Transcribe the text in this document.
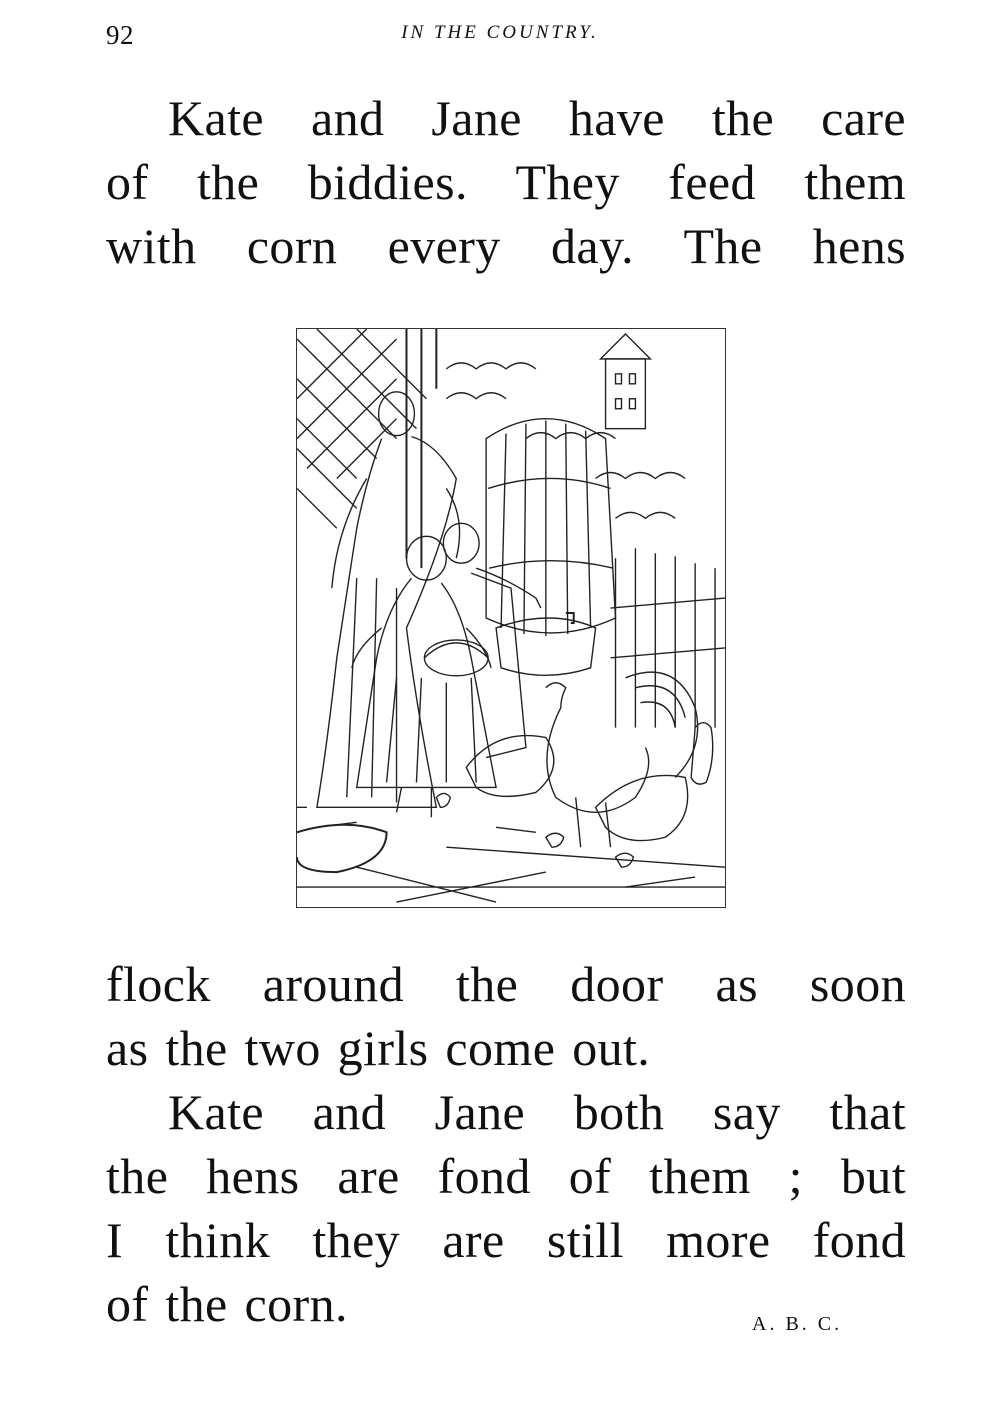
92	IN THE COUNTRY.

Kate and Jane have the care
of the biddies. They feed them
with corn every day. The hens

flock around the door as soon
as the two girls come out.

Kate and Jane both say that
the hens are fond of them ; but
I think they are still more fond
of the corn.	A. B. C.
